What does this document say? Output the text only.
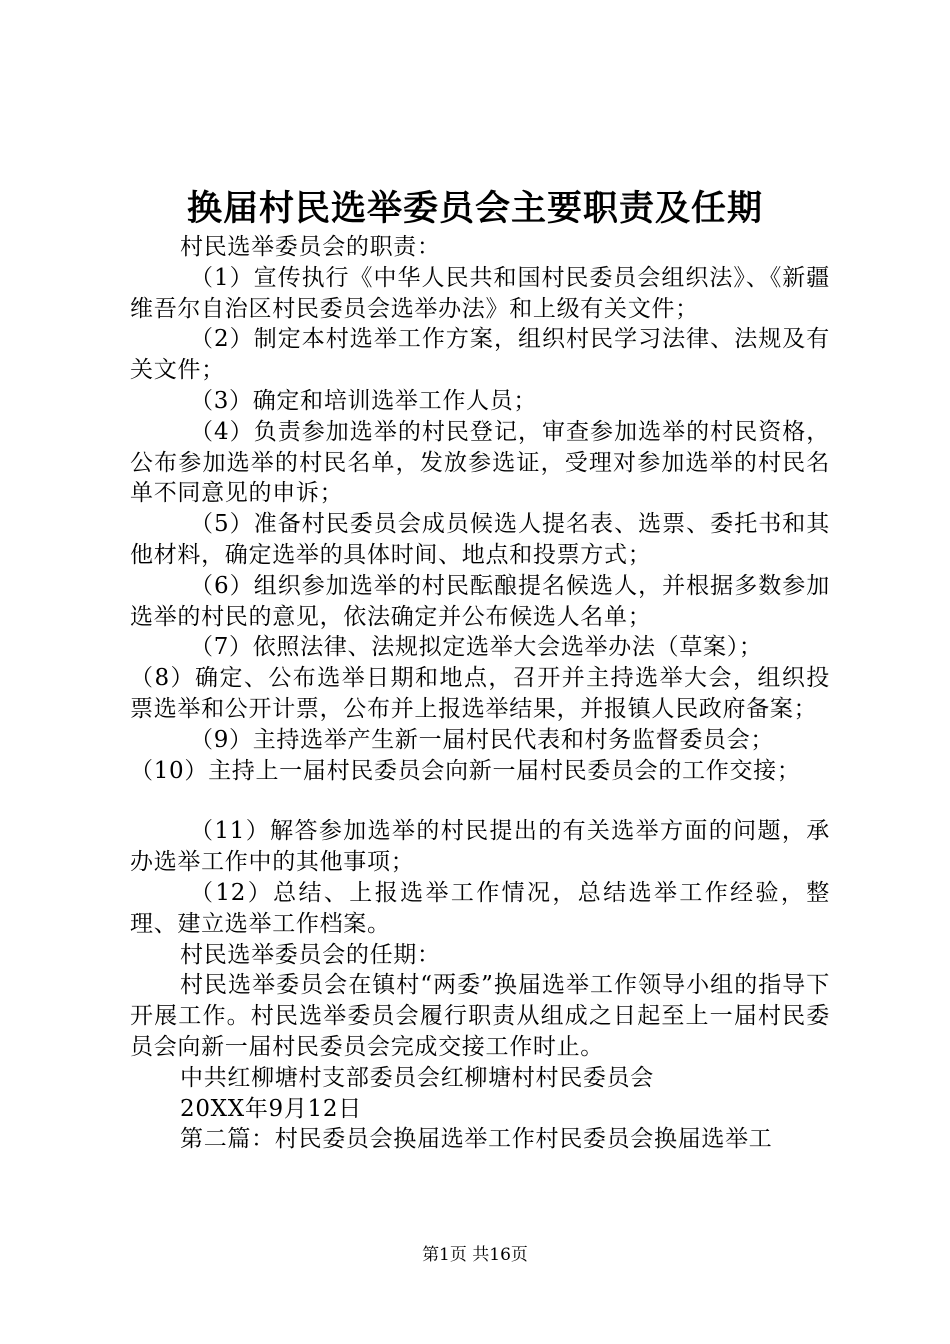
换届村民选举委员会主要职责及任期

村民选举委员会的职责：

（1）宣传执行《中华人民共和国村民委员会组织法》、《新疆维吾尔自治区村民委员会选举办法》和上级有关文件；

（2）制定本村选举工作方案，组织村民学习法律、法规及有关文件；

（3）确定和培训选举工作人员；

（4）负责参加选举的村民登记，审查参加选举的村民资格，公布参加选举的村民名单，发放参选证，受理对参加选举的村民名单不同意见的申诉；

（5）准备村民委员会成员候选人提名表、选票、委托书和其他材料，确定选举的具体时间、地点和投票方式；

（6）组织参加选举的村民酝酿提名候选人，并根据多数参加选举的村民的意见，依法确定并公布候选人名单；

（7）依照法律、法规拟定选举大会选举办法（草案）；

（8）确定、公布选举日期和地点，召开并主持选举大会，组织投票选举和公开计票，公布并上报选举结果，并报镇人民政府备案；

（9）主持选举产生新一届村民代表和村务监督委员会；

（10）主持上一届村民委员会向新一届村民委员会的工作交接；

（11）解答参加选举的村民提出的有关选举方面的问题，承办选举工作中的其他事项；

（12）总结、上报选举工作情况，总结选举工作经验，整理、建立选举工作档案。

村民选举委员会的任期：

村民选举委员会在镇村“两委”换届选举工作领导小组的指导下开展工作。村民选举委员会履行职责从组成之日起至上一届村民委员会向新一届村民委员会完成交接工作时止。

中共红柳塘村支部委员会红柳塘村村民委员会

20XX年9月12日

第二篇：村民委员会换届选举工作村民委员会换届选举工

第1页 共16页
